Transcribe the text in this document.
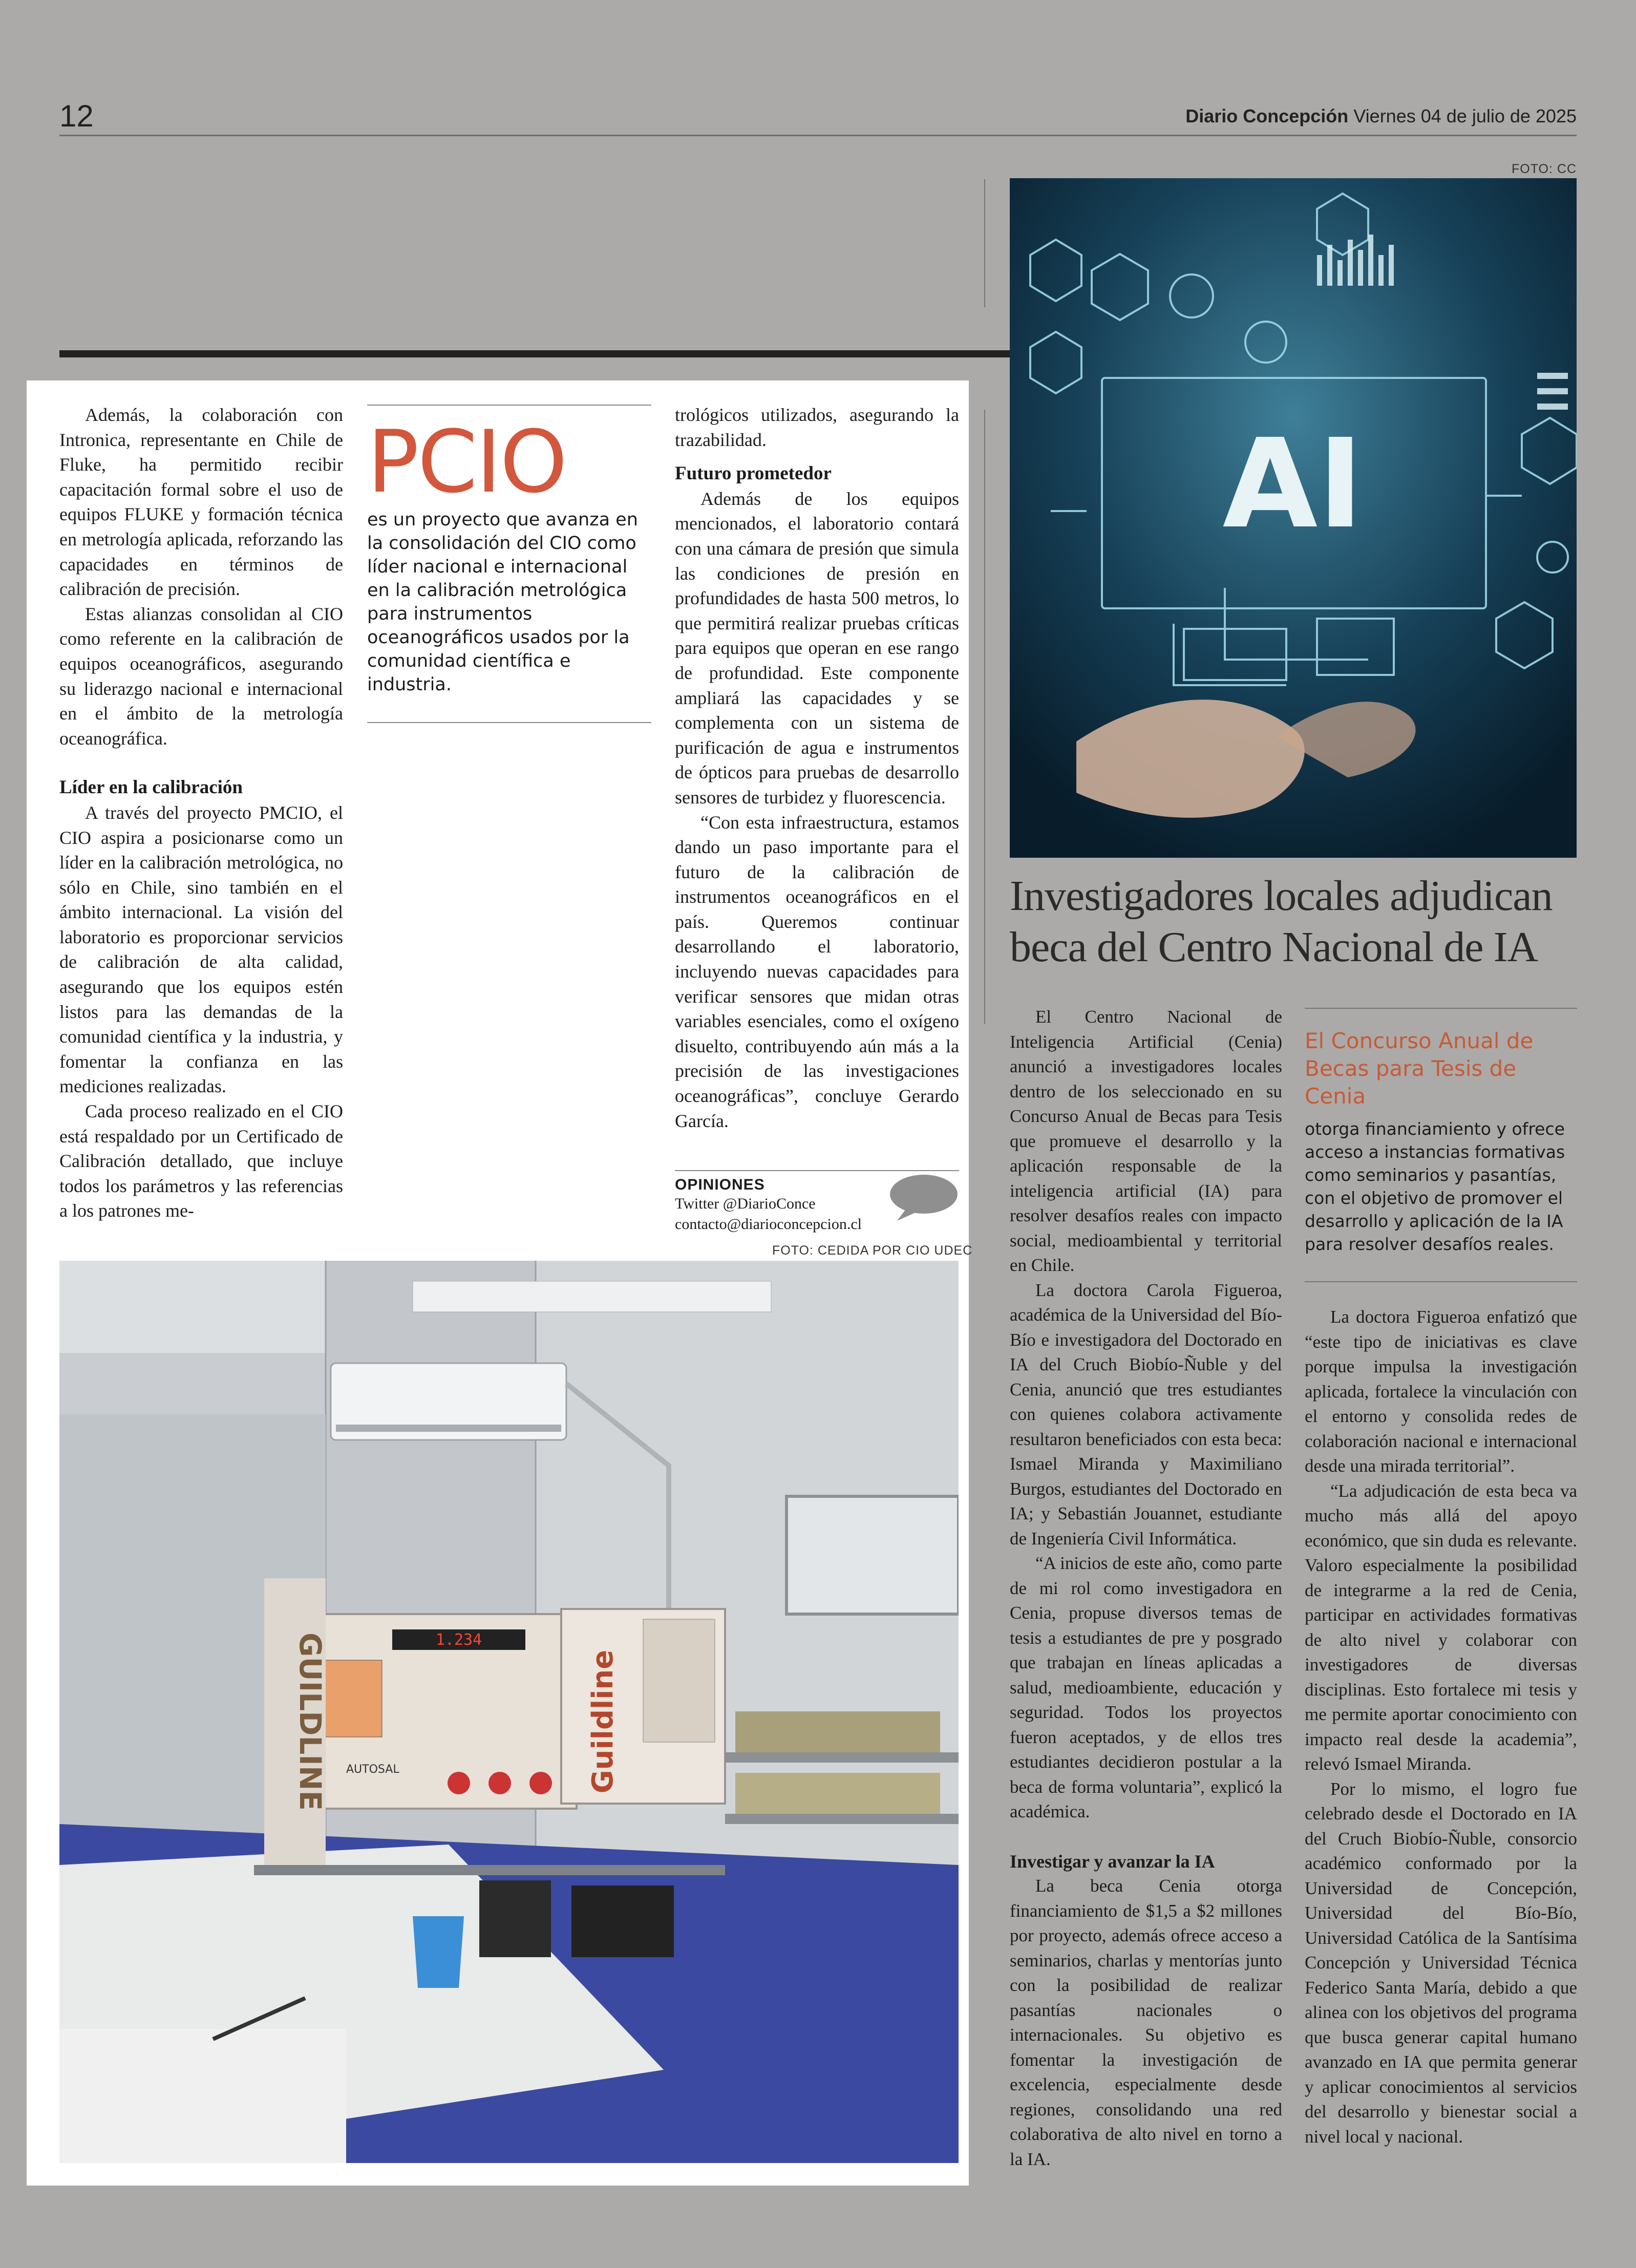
12	Diario Concepción Viernes 04 de julio de 2025

Además, la colaboración con Intronica, representante en Chile de Fluke, ha permitido recibir capacitación formal sobre el uso de equipos FLUKE y formación técnica en metrología aplicada, reforzando las capacidades en términos de calibración de precisión.

Estas alianzas consolidan al CIO como referente en la calibración de equipos oceanográficos, asegurando su liderazgo nacional e internacional en el ámbito de la metrología oceanográfica.

Líder en la calibración

A través del proyecto PMCIO, el CIO aspira a posicionarse como un líder en la calibración metrológica, no sólo en Chile, sino también en el ámbito internacional. La visión del laboratorio es proporcionar servicios de calibración de alta calidad, asegurando que los equipos estén listos para las demandas de la comunidad científica y la industria, y fomentar la confianza en las mediciones realizadas.

Cada proceso realizado en el CIO está respaldado por un Certificado de Calibración detallado, que incluye todos los parámetros y las referencias a los patrones me-

PCIO
es un proyecto que avanza en la consolidación del CIO como líder nacional e internacional en la calibración metrológica para instrumentos oceanográficos usados por la comunidad científica e industria.

trológicos utilizados, asegurando la trazabilidad.

Futuro prometedor

Además de los equipos mencionados, el laboratorio contará con una cámara de presión que simula las condiciones de presión en profundidades de hasta 500 metros, lo que permitirá realizar pruebas críticas para equipos que operan en ese rango de profundidad. Este componente ampliará las capacidades y se complementa con un sistema de purificación de agua e instrumentos de ópticos para pruebas de desarrollo sensores de turbidez y fluorescencia.

“Con esta infraestructura, estamos dando un paso importante para el futuro de la calibración de instrumentos oceanográficos en el país. Queremos continuar desarrollando el laboratorio, incluyendo nuevas capacidades para verificar sensores que midan otras variables esenciales, como el oxígeno disuelto, contribuyendo aún más a la precisión de las investigaciones oceanográficas”, concluye Gerardo García.

OPINIONES
Twitter @DiarioConce
contacto@diarioconcepcion.cl
FOTO: CEDIDA POR CIO UDEC
1.234
AUTOSAL
GUILDLINE	Guildline
FOTO: CC
AI
Investigadores locales adjudican beca del Centro Nacional de IA

El Centro Nacional de Inteligencia Artificial (Cenia) anunció a investigadores locales dentro de los seleccionado en su Concurso Anual de Becas para Tesis que promueve el desarrollo y la aplicación responsable de la inteligencia artificial (IA) para resolver desafíos reales con impacto social, medioambiental y territorial en Chile.

La doctora Carola Figueroa, académica de la Universidad del Bío-Bío e investigadora del Doctorado en IA del Cruch Biobío-Ñuble y del Cenia, anunció que tres estudiantes con quienes colabora activamente resultaron beneficiados con esta beca: Ismael Miranda y Maximiliano Burgos, estudiantes del Doctorado en IA; y Sebastián Jouannet, estudiante de Ingeniería Civil Informática.

“A inicios de este año, como parte de mi rol como investigadora en Cenia, propuse diversos temas de tesis a estudiantes de pre y posgrado que trabajan en líneas aplicadas a salud, medioambiente, educación y seguridad. Todos los proyectos fueron aceptados, y de ellos tres estudiantes decidieron postular a la beca de forma voluntaria”, explicó la académica.

Investigar y avanzar la IA

La beca Cenia otorga financiamiento de $1,5 a $2 millones por proyecto, además ofrece acceso a seminarios, charlas y mentorías junto con la posibilidad de realizar pasantías nacionales o internacionales. Su objetivo es fomentar la investigación de excelencia, especialmente desde regiones, consolidando una red colaborativa de alto nivel en torno a la IA.

El Concurso Anual de Becas para Tesis de Cenia
otorga financiamiento y ofrece acceso a instancias formativas como seminarios y pasantías, con el objetivo de promover el desarrollo y aplicación de la IA para resolver desafíos reales.

La doctora Figueroa enfatizó que “este tipo de iniciativas es clave porque impulsa la investigación aplicada, fortalece la vinculación con el entorno y consolida redes de colaboración nacional e internacional desde una mirada territorial”.

“La adjudicación de esta beca va mucho más allá del apoyo económico, que sin duda es relevante. Valoro especialmente la posibilidad de integrarme a la red de Cenia, participar en actividades formativas de alto nivel y colaborar con investigadores de diversas disciplinas. Esto fortalece mi tesis y me permite aportar conocimiento con impacto real desde la academia”, relevó Ismael Miranda.

Por lo mismo, el logro fue celebrado desde el Doctorado en IA del Cruch Biobío-Ñuble, consorcio académico conformado por la Universidad de Concepción, Universidad del Bío-Bío, Universidad Católica de la Santísima Concepción y Universidad Técnica Federico Santa María, debido a que alinea con los objetivos del programa que busca generar capital humano avanzado en IA que permita generar y aplicar conocimientos al servicios del desarrollo y bienestar social a nivel local y nacional.
